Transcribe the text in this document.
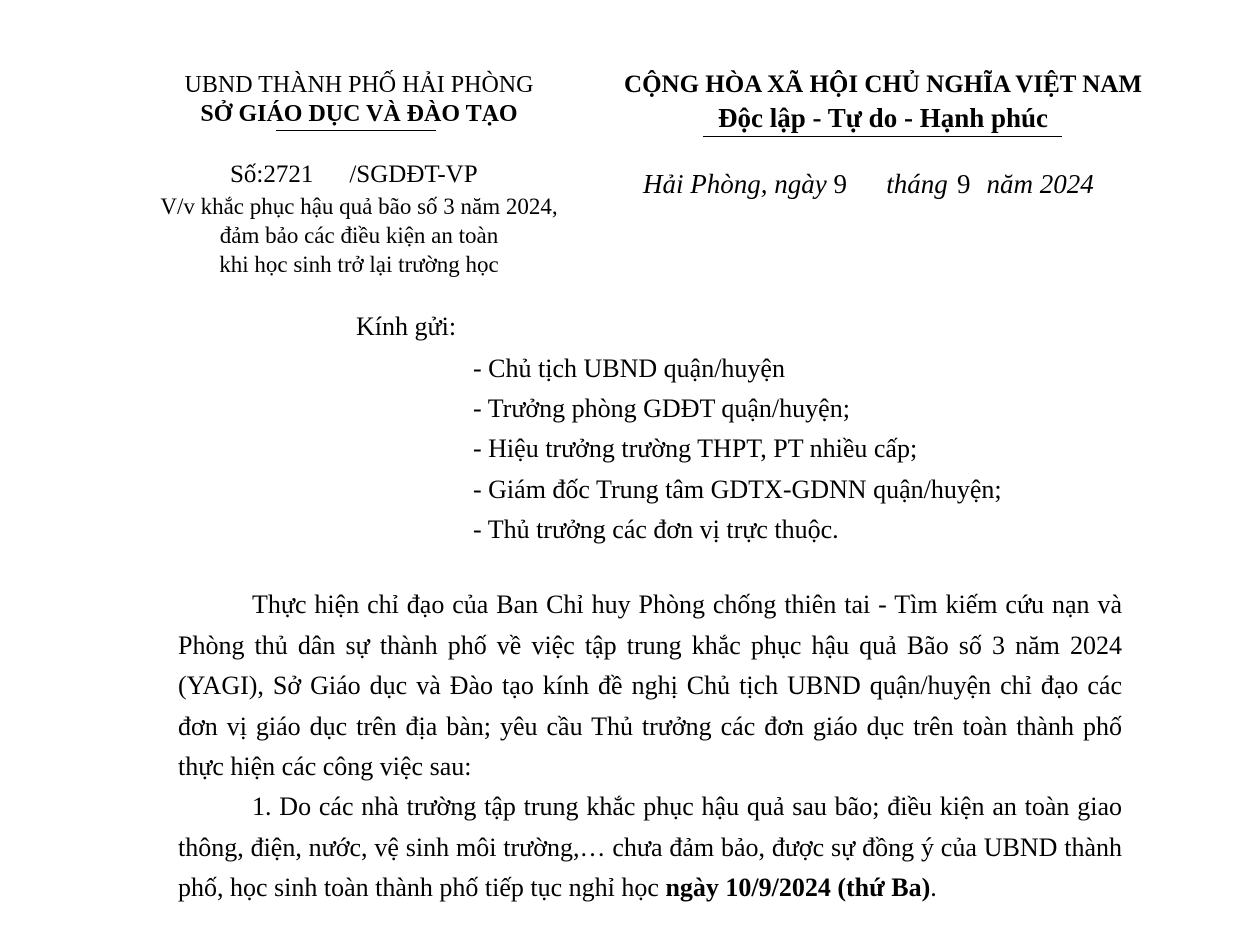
UBND THÀNH PHỐ HẢI PHÒNG
SỞ GIÁO DỤC VÀ ĐÀO TẠO
Số:2721 /SGDĐT-VP
V/v khắc phục hậu quả bão số 3 năm 2024,
đảm bảo các điều kiện an toàn
khi học sinh trở lại trường học
CỘNG HÒA XÃ HỘI CHỦ NGHĨA VIỆT NAM
Độc lập - Tự do - Hạnh phúc
Hải Phòng, ngày 9 tháng 9 năm 2024
Kính gửi:
- Chủ tịch UBND quận/huyện
- Trưởng phòng GDĐT quận/huyện;
- Hiệu trưởng trường THPT, PT nhiều cấp;
- Giám đốc Trung tâm GDTX-GDNN quận/huyện;
- Thủ trưởng các đơn vị trực thuộc.
Thực hiện chỉ đạo của Ban Chỉ huy Phòng chống thiên tai - Tìm kiếm cứu nạn và Phòng thủ dân sự thành phố về việc tập trung khắc phục hậu quả Bão số 3 năm 2024 (YAGI), Sở Giáo dục và Đào tạo kính đề nghị Chủ tịch UBND quận/huyện chỉ đạo các đơn vị giáo dục trên địa bàn; yêu cầu Thủ trưởng các đơn giáo dục trên toàn thành phố thực hiện các công việc sau:
1. Do các nhà trường tập trung khắc phục hậu quả sau bão; điều kiện an toàn giao thông, điện, nước, vệ sinh môi trường,… chưa đảm bảo, được sự đồng ý của UBND thành phố, học sinh toàn thành phố tiếp tục nghỉ học ngày 10/9/2024 (thứ Ba).
